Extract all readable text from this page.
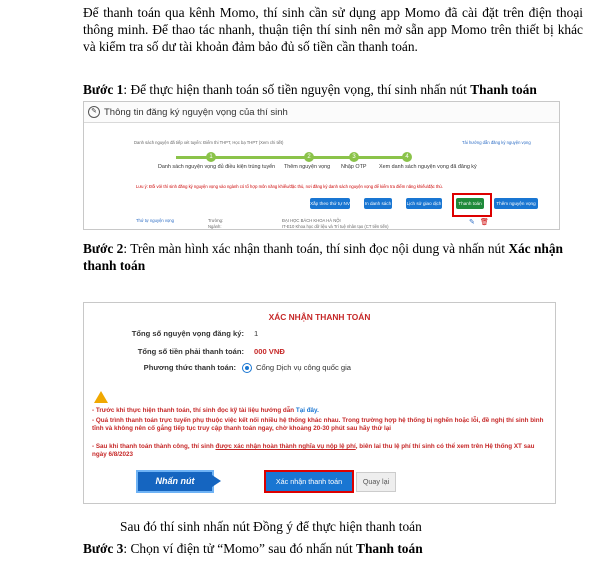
Để thanh toán qua kênh Momo, thí sinh cần sử dụng app Momo đã cài đặt trên điện thoại thông minh. Để thao tác nhanh, thuận tiện thí sinh nên mở sẵn app Momo trên thiết bị khác và kiểm tra số dư tài khoản đảm bảo đủ số tiền cần thanh toán.
Bước 1: Để thực hiện thanh toán số tiền nguyện vọng, thí sinh nhấn nút Thanh toán
✎ Thông tin đăng ký nguyện vọng của thí sinh
Danh sách nguyện đã tiếp xét tuyển: Điểm thi THPT, Học bạ THPT (Xem chi tiết)	Tải hướng dẫn đăng ký nguyện vọng
1	2	3	4
Danh sách nguyện vọng đủ điều kiện trúng tuyển Thêm nguyện vọng Nhập OTP Xem danh sách nguyện vọng đã đăng ký
Lưu ý: Đối với thí sinh đăng ký nguyện vọng vào ngành có tổ hợp môn năng khiếu/đặc thù, nơi đăng ký danh sách nguyện vọng để kiểm tra điểm năng khiếu/đặc thù.
Xắp theo thứ tự NV	In danh sách	Lịch sử giao dịch	Thanh toán	Thêm nguyện vọng
Thứ tự nguyện vọng	Trường:	ĐẠI HỌC BÁCH KHOA HÀ NỘI
Ngành:	IT-E10 Khoa học dữ liệu và Trí tuệ nhân tạo (CT tiên tiến)
✎ 🗑
Bước 2: Trên màn hình xác nhận thanh toán, thí sinh đọc nội dung và nhấn nút Xác nhận thanh toán
XÁC NHẬN THANH TOÁN
Tổng số nguyện vọng đăng ký: 1
Tổng số tiền phải thanh toán: 000 VNĐ
Phương thức thanh toán:	Cổng Dịch vụ công quốc gia
- Trước khi thực hiện thanh toán, thí sinh đọc kỹ tài liệu hướng dẫn Tại đây.
- Quá trình thanh toán trực tuyến phụ thuộc việc kết nối nhiều hệ thống khác nhau. Trong trường hợp hệ thống bị nghẽn hoặc lỗi, đề nghị thí sinh bình tĩnh và không nên cố gắng tiếp tục truy cập thanh toán ngay, chờ khoảng 20-30 phút sau hãy thử lại
- Sau khi thanh toán thành công, thí sinh được xác nhận hoàn thành nghĩa vụ nộp lệ phí, biên lai thu lệ phí thí sinh có thể xem trên Hệ thống XT sau ngày 6/8/2023
Nhấn nút	Xác nhận thanh toán	Quay lại
Sau đó thí sinh nhấn nút Đồng ý để thực hiện thanh toán
Bước 3: Chọn ví điện tử “Momo” sau đó nhấn nút Thanh toán
